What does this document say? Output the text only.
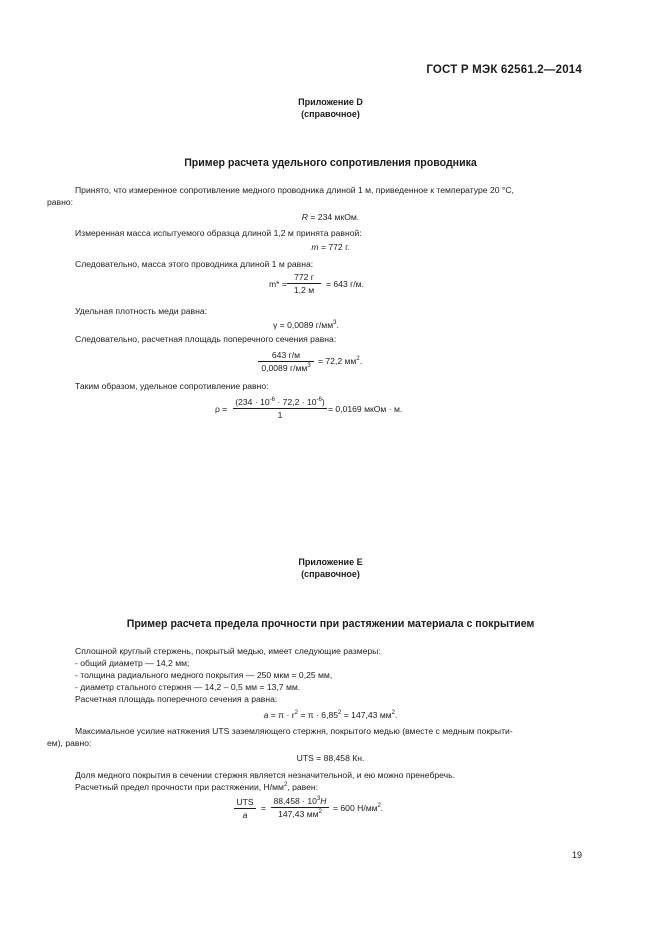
ГОСТ Р МЭК 62561.2—2014
Приложение D
(справочное)
Пример расчета удельного сопротивления проводника
Принято, что измеренное сопротивление медного проводника длиной 1 м, приведенное к температуре 20 °С,
равно:
R = 234 мкОм.
Измеренная масса испытуемого образца длиной 1,2 м принята равной:
m = 772 г.
Следовательно, масса этого проводника длиной 1 м равна:
m* =
772 г
1,2 м
= 643 г/м.
Удельная плотность меди равна:
γ = 0,0089 $г/мм^3$.
Следовательно, расчетная площадь поперечного сечения равна:
643 г/м
0,0089 $г/мм^3 = 72,2$ $мм^2$.
Таким образом, удельное сопротивление равно:
$\rho = \frac{(234 \cdot 10^{-6} \cdot 72,2 \cdot 10^{-6})}{1} = 0,0169$ мкОм · м.
Приложение Е
(справочное)
Пример расчета предела прочности при растяжении материала с покрытием
Сплошной круглый стержень, покрытый медью, имеет следующие размеры:
- общий диаметр — 14,2 мм;
- толщина радиального медного покрытия — 250 мкм = 0,25 мм,
- диаметр стального стержня — 14,2 – 0,5 мм = 13,7 мм.
Расчетная площадь поперечного сечения a равна:
$a = \pi \cdot r^2 = \pi \cdot 6,85^2 = 147,43$ $мм^2$.
Максимальное усилие натяжения UTS заземляющего стержня, покрытого медью (вместе с медным покрыти-
ем), равно:
UTS = 88,458 Кн.
Доля медного покрытия в сечении стержня является незначительной, и ею можно пренебречь.
Расчетный предел прочности при растяжении, $Н/мм^2$, равен:
UTS
a
=
$88,458 \cdot 10^3Н$
147,43 $мм^2$	= 600 $Н/мм^2$.
19
